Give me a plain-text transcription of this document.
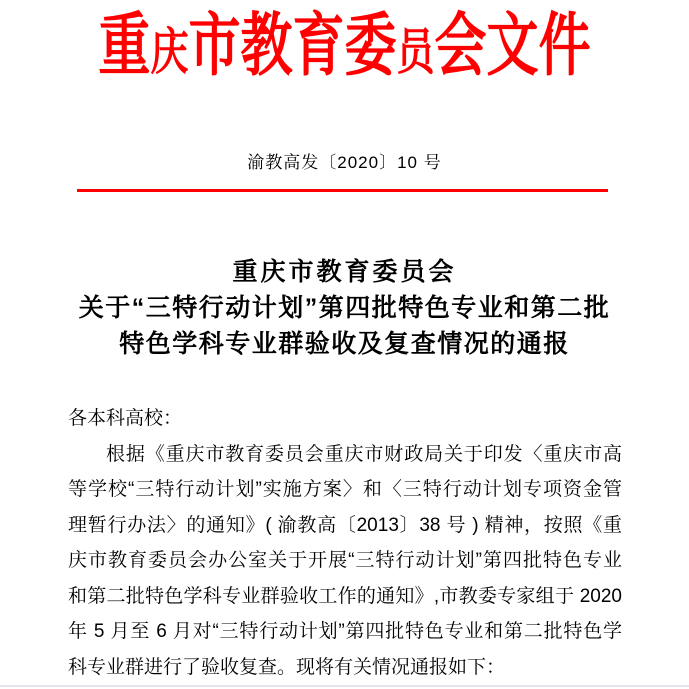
重 庆 市 教 育 委 员 会 文 件
渝教高发〔2020〕10 号
重庆市教育委员会
关于“三特行动计划”第四批特色专业和第二批
特色学科专业群验收及复查情况的通报
各本科高校：
根据《重庆市教育委员会重庆市财政局关于印发〈重庆市高
等学校“三特行动计划”实施方案〉和〈三特行动计划专项资金管
理暂行办法〉的通知》( 渝教高〔2013〕38 号 ) 精神，按照《重
庆市教育委员会办公室关于开展“三特行动计划”第四批特色专业
和第二批特色学科专业群验收工作的通知》,市教委专家组于 2020
年 5 月至 6 月对“三特行动计划”第四批特色专业和第二批特色学
科专业群进行了验收复查。现将有关情况通报如下：
